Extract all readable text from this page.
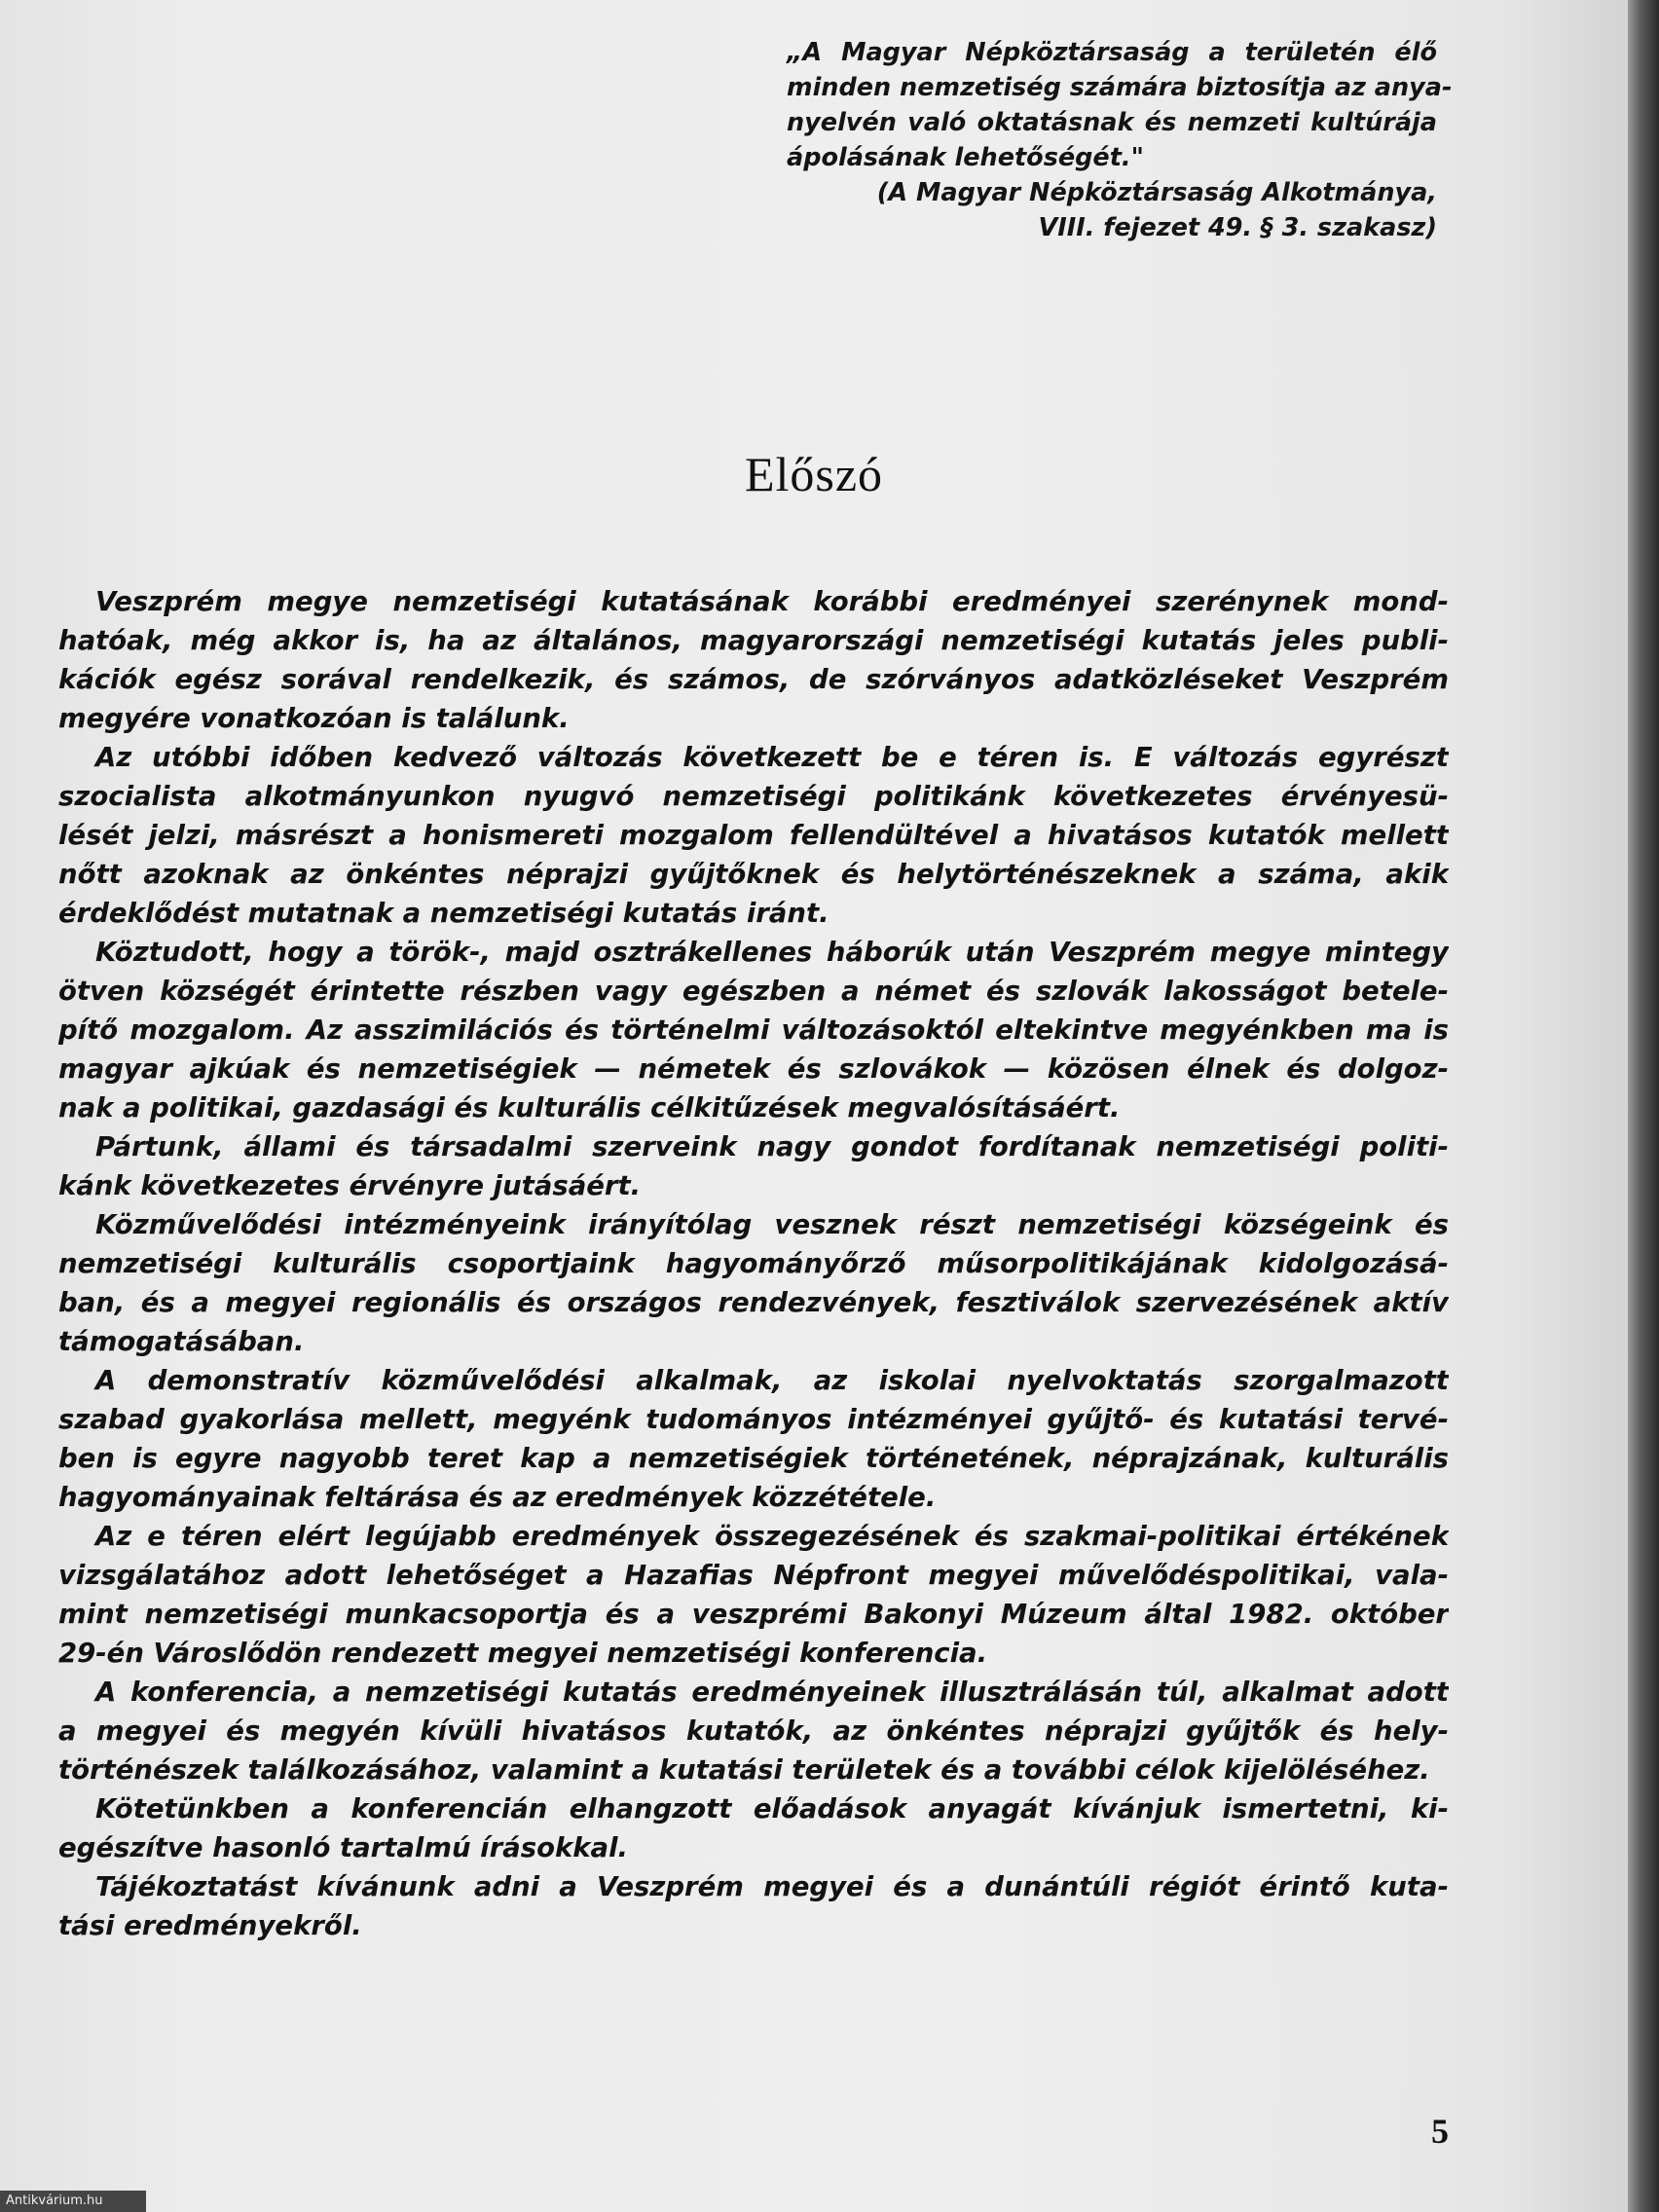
„A Magyar Népköztársaság a területén élő
minden nemzetiség számára biztosítja az anya-
nyelvén való oktatásnak és nemzeti kultúrája
ápolásának lehetőségét."
(A Magyar Népköztársaság Alkotmánya,
VIII. fejezet 49. § 3. szakasz)
Előszó
Veszprém megye nemzetiségi kutatásának korábbi eredményei szerénynek mond-
hatóak, még akkor is, ha az általános, magyarországi nemzetiségi kutatás jeles publi-
kációk egész sorával rendelkezik, és számos, de szórványos adatközléseket Veszprém
megyére vonatkozóan is találunk.
Az utóbbi időben kedvező változás következett be e téren is. E változás egyrészt
szocialista alkotmányunkon nyugvó nemzetiségi politikánk következetes érvényesü-
lését jelzi, másrészt a honismereti mozgalom fellendültével a hivatásos kutatók mellett
nőtt azoknak az önkéntes néprajzi gyűjtőknek és helytörténészeknek a száma, akik
érdeklődést mutatnak a nemzetiségi kutatás iránt.
Köztudott, hogy a török-, majd osztrákellenes háborúk után Veszprém megye mintegy
ötven községét érintette részben vagy egészben a német és szlovák lakosságot betele-
pítő mozgalom. Az asszimilációs és történelmi változásoktól eltekintve megyénkben ma is
magyar ajkúak és nemzetiségiek — németek és szlovákok — közösen élnek és dolgoz-
nak a politikai, gazdasági és kulturális célkitűzések megvalósításáért.
Pártunk, állami és társadalmi szerveink nagy gondot fordítanak nemzetiségi politi-
kánk következetes érvényre jutásáért.
Közművelődési intézményeink irányítólag vesznek részt nemzetiségi községeink és
nemzetiségi kulturális csoportjaink hagyományőrző műsorpolitikájának kidolgozásá-
ban, és a megyei regionális és országos rendezvények, fesztiválok szervezésének aktív
támogatásában.
A demonstratív közművelődési alkalmak, az iskolai nyelvoktatás szorgalmazott
szabad gyakorlása mellett, megyénk tudományos intézményei gyűjtő- és kutatási tervé-
ben is egyre nagyobb teret kap a nemzetiségiek történetének, néprajzának, kulturális
hagyományainak feltárása és az eredmények közzététele.
Az e téren elért legújabb eredmények összegezésének és szakmai-politikai értékének
vizsgálatához adott lehetőséget a Hazafias Népfront megyei művelődéspolitikai, vala-
mint nemzetiségi munkacsoportja és a veszprémi Bakonyi Múzeum által 1982. október
29-én Városlődön rendezett megyei nemzetiségi konferencia.
A konferencia, a nemzetiségi kutatás eredményeinek illusztrálásán túl, alkalmat adott
a megyei és megyén kívüli hivatásos kutatók, az önkéntes néprajzi gyűjtők és hely-
történészek találkozásához, valamint a kutatási területek és a további célok kijelöléséhez.
Kötetünkben a konferencián elhangzott előadások anyagát kívánjuk ismertetni, ki-
egészítve hasonló tartalmú írásokkal.
Tájékoztatást kívánunk adni a Veszprém megyei és a dunántúli régiót érintő kuta-
tási eredményekről.
5
Antikvárium.hu
